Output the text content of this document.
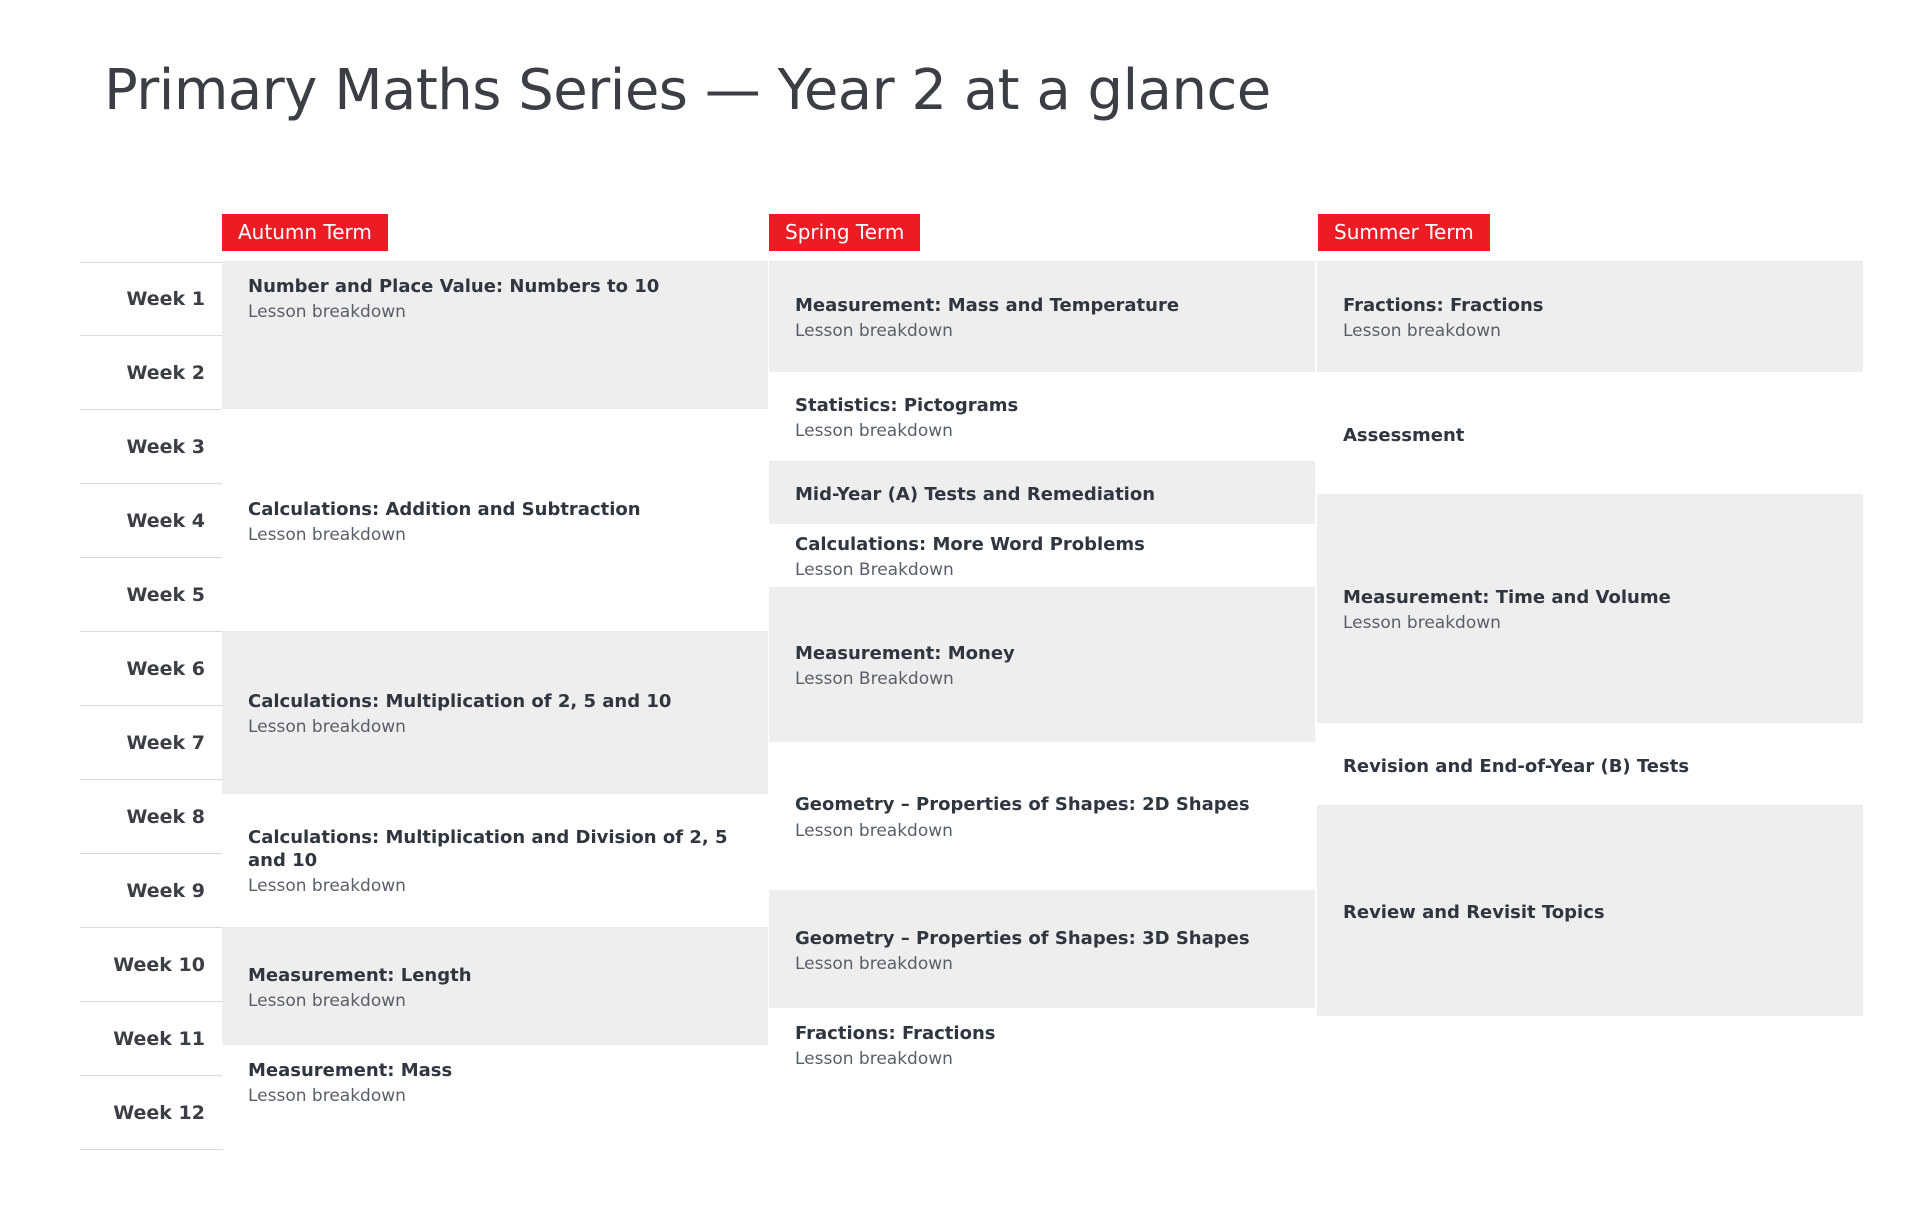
Primary Maths Series — Year 2 at a glance
Autumn Term	Spring Term	Summer Term
Week 1
Week 2
Week 3
Week 4
Week 5
Week 6
Week 7
Week 8
Week 9
Week 10
Week 11
Week 12
Number and Place Value: Numbers to 10
Lesson breakdown
Calculations: Addition and Subtraction
Lesson breakdown
Calculations: Multiplication of 2, 5 and 10
Lesson breakdown
Calculations: Multiplication and Division of 2, 5 and 10
Lesson breakdown
Measurement: Length
Lesson breakdown
Measurement: Mass
Lesson breakdown
Measurement: Mass and Temperature
Lesson breakdown
Statistics: Pictograms
Lesson breakdown
Mid-Year (A) Tests and Remediation
Calculations: More Word Problems
Lesson Breakdown
Measurement: Money
Lesson Breakdown
Geometry – Properties of Shapes: 2D Shapes
Lesson breakdown
Geometry – Properties of Shapes: 3D Shapes
Lesson breakdown
Fractions: Fractions
Lesson breakdown
Fractions: Fractions
Lesson breakdown
Assessment
Measurement: Time and Volume
Lesson breakdown
Revision and End-of-Year (B) Tests
Review and Revisit Topics
